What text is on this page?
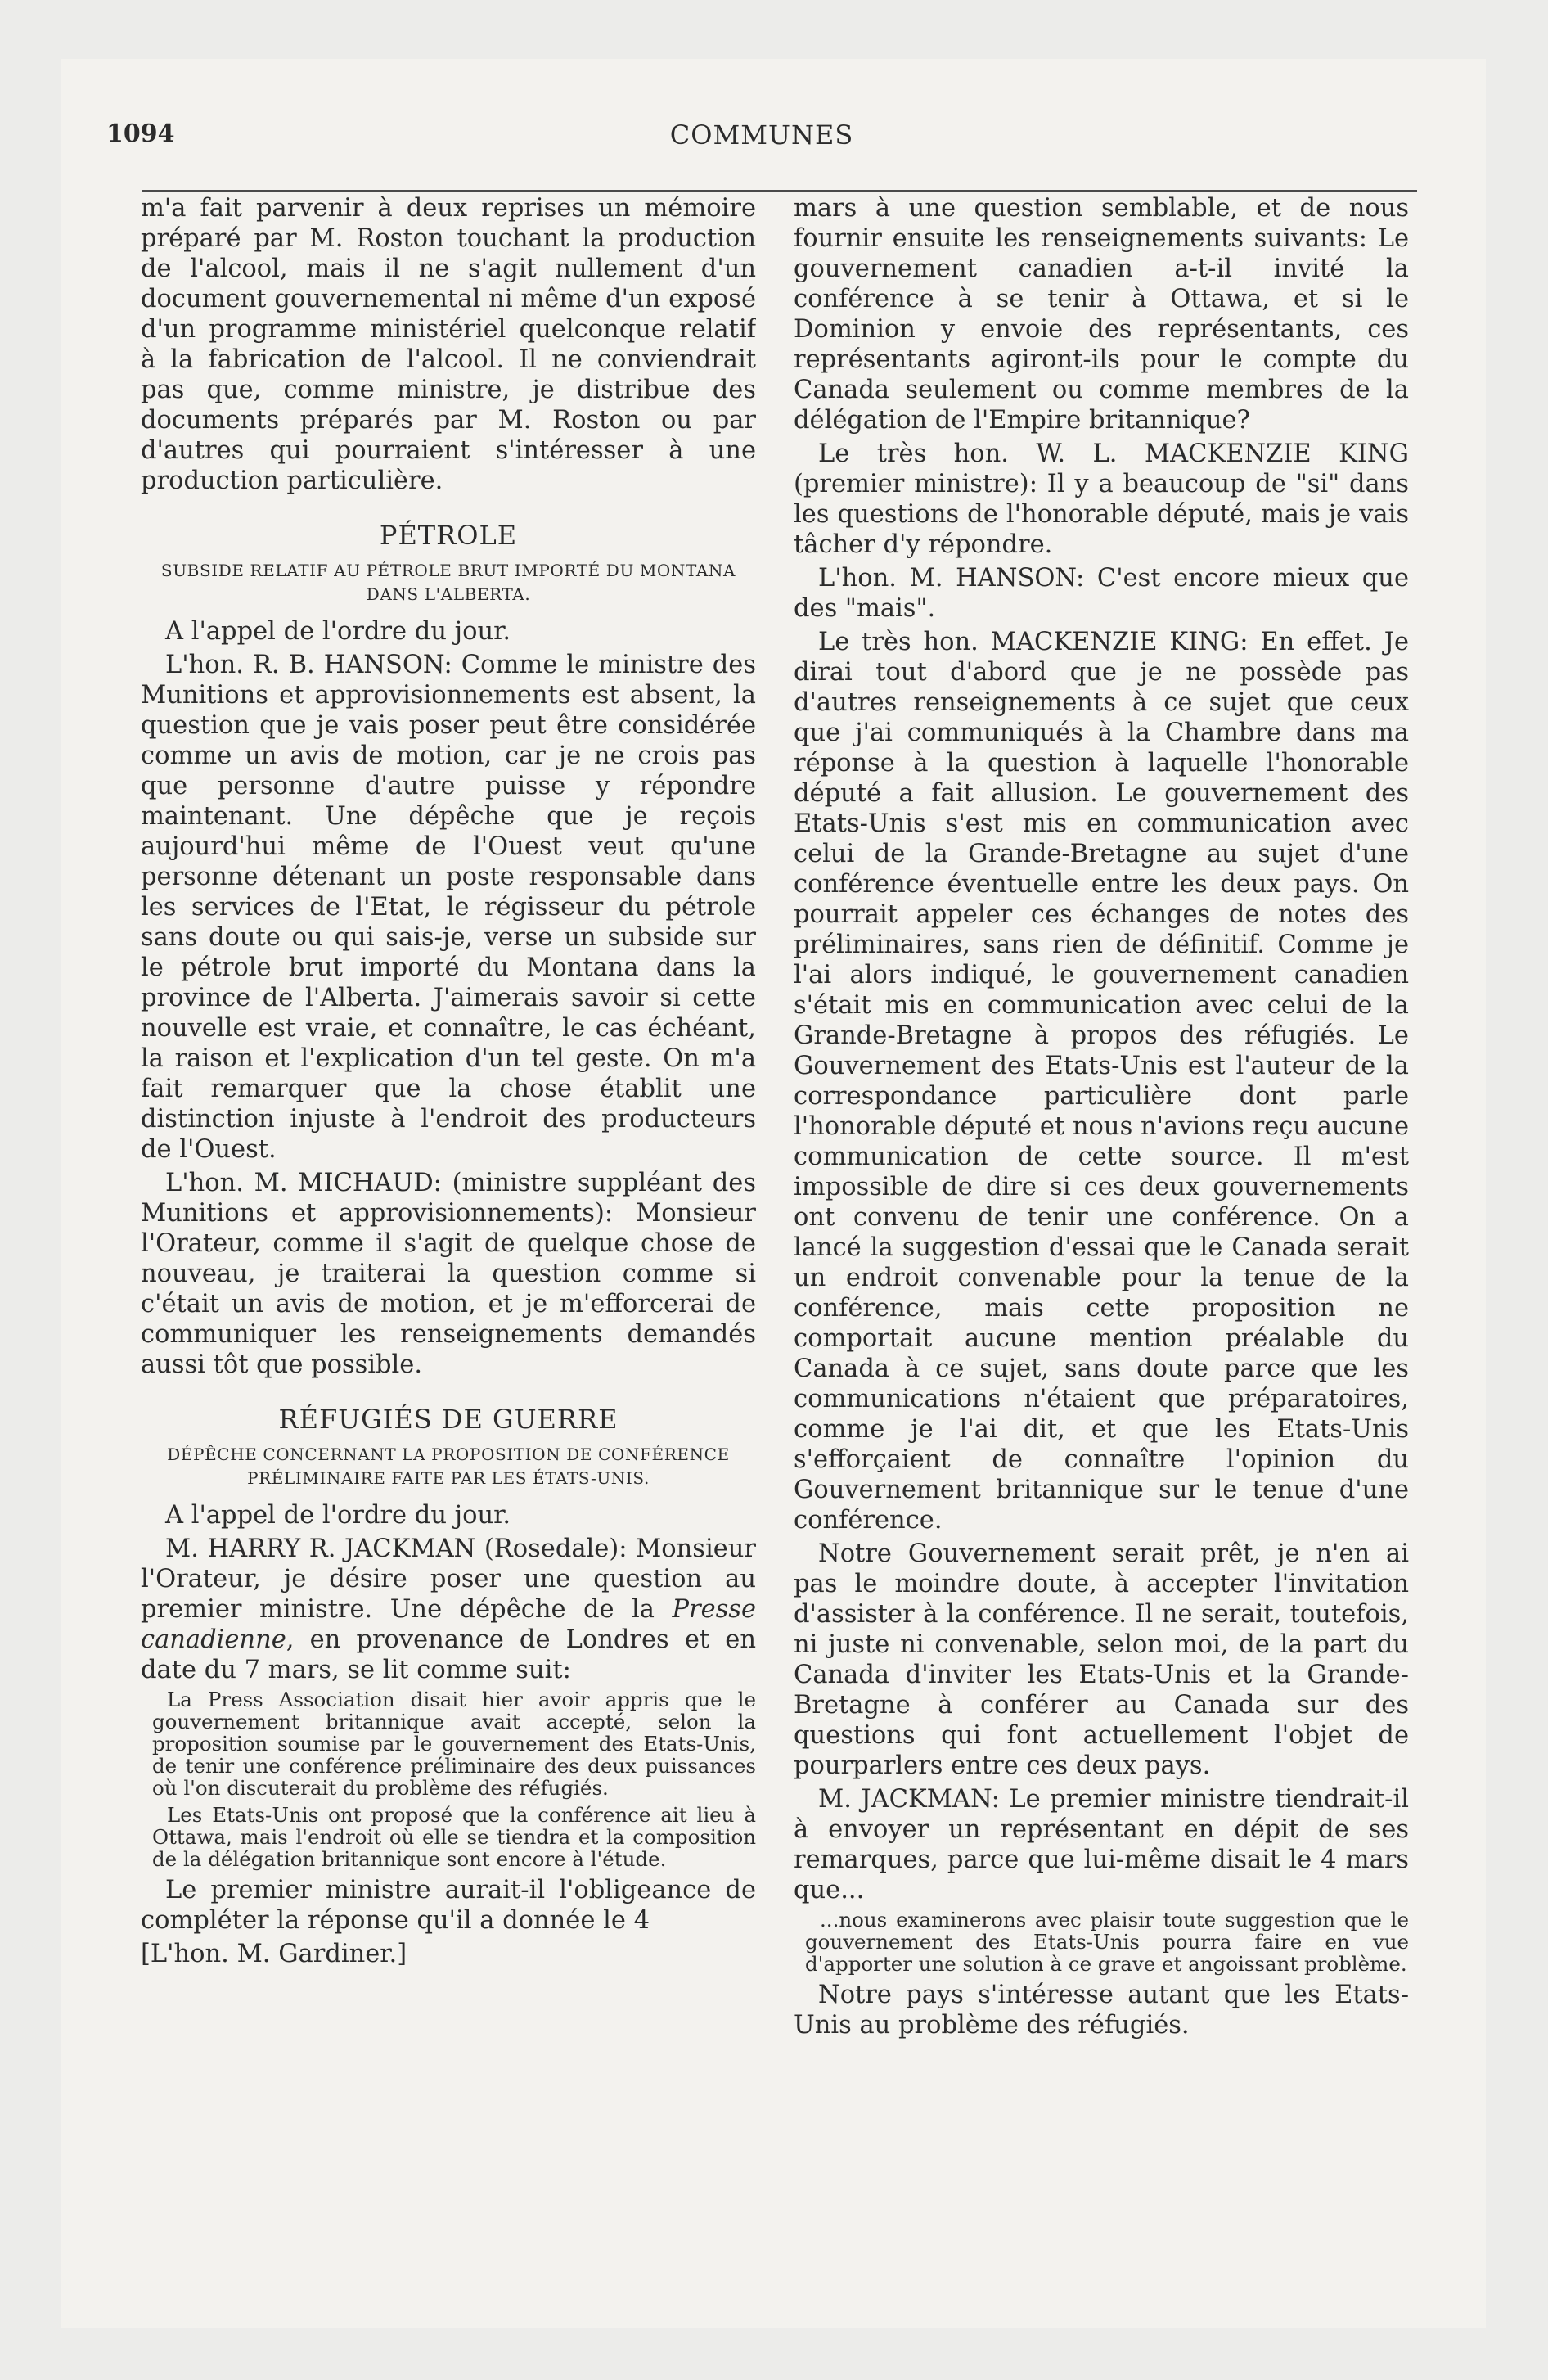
1094	COMMUNES

m'a fait parvenir à deux reprises un mémoire préparé par M. Roston touchant la production de l'alcool, mais il ne s'agit nullement d'un document gouvernemental ni même d'un exposé d'un programme ministériel quelconque relatif à la fabrication de l'alcool. Il ne conviendrait pas que, comme ministre, je distribue des documents préparés par M. Roston ou par d'autres qui pourraient s'intéresser à une production particulière.

PÉTROLE
SUBSIDE RELATIF AU PÉTROLE BRUT IMPORTÉ DU MONTANA DANS L'ALBERTA.

A l'appel de l'ordre du jour.

L'hon. R. B. HANSON: Comme le ministre des Munitions et approvisionnements est absent, la question que je vais poser peut être considérée comme un avis de motion, car je ne crois pas que personne d'autre puisse y répondre maintenant. Une dépêche que je reçois aujourd'hui même de l'Ouest veut qu'une personne détenant un poste responsable dans les services de l'Etat, le régisseur du pétrole sans doute ou qui sais-je, verse un subside sur le pétrole brut importé du Montana dans la province de l'Alberta. J'aimerais savoir si cette nouvelle est vraie, et connaître, le cas échéant, la raison et l'explication d'un tel geste. On m'a fait remarquer que la chose établit une distinction injuste à l'endroit des producteurs de l'Ouest.

L'hon. M. MICHAUD: (ministre suppléant des Munitions et approvisionnements): Monsieur l'Orateur, comme il s'agit de quelque chose de nouveau, je traiterai la question comme si c'était un avis de motion, et je m'efforcerai de communiquer les renseignements demandés aussi tôt que possible.

RÉFUGIÉS DE GUERRE
DÉPÊCHE CONCERNANT LA PROPOSITION DE CONFÉRENCE PRÉLIMINAIRE FAITE PAR LES ÉTATS-UNIS.

A l'appel de l'ordre du jour.

M. HARRY R. JACKMAN (Rosedale): Monsieur l'Orateur, je désire poser une question au premier ministre. Une dépêche de la Presse canadienne, en provenance de Londres et en date du 7 mars, se lit comme suit:

La Press Association disait hier avoir appris que le gouvernement britannique avait accepté, selon la proposition soumise par le gouvernement des Etats-Unis, de tenir une conférence préliminaire des deux puissances où l'on discuterait du problème des réfugiés.
Les Etats-Unis ont proposé que la conférence ait lieu à Ottawa, mais l'endroit où elle se tiendra et la composition de la délégation britannique sont encore à l'étude.

Le premier ministre aurait-il l'obligeance de compléter la réponse qu'il a donnée le 4

[L'hon. M. Gardiner.]

mars à une question semblable, et de nous fournir ensuite les renseignements suivants: Le gouvernement canadien a-t-il invité la conférence à se tenir à Ottawa, et si le Dominion y envoie des représentants, ces représentants agiront-ils pour le compte du Canada seulement ou comme membres de la délégation de l'Empire britannique?

Le très hon. W. L. MACKENZIE KING (premier ministre): Il y a beaucoup de "si" dans les questions de l'honorable député, mais je vais tâcher d'y répondre.

L'hon. M. HANSON: C'est encore mieux que des "mais".

Le très hon. MACKENZIE KING: En effet. Je dirai tout d'abord que je ne possède pas d'autres renseignements à ce sujet que ceux que j'ai communiqués à la Chambre dans ma réponse à la question à laquelle l'honorable député a fait allusion. Le gouvernement des Etats-Unis s'est mis en communication avec celui de la Grande-Bretagne au sujet d'une conférence éventuelle entre les deux pays. On pourrait appeler ces échanges de notes des préliminaires, sans rien de définitif. Comme je l'ai alors indiqué, le gouvernement canadien s'était mis en communication avec celui de la Grande-Bretagne à propos des réfugiés. Le Gouvernement des Etats-Unis est l'auteur de la correspondance particulière dont parle l'honorable député et nous n'avions reçu aucune communication de cette source. Il m'est impossible de dire si ces deux gouvernements ont convenu de tenir une conférence. On a lancé la suggestion d'essai que le Canada serait un endroit convenable pour la tenue de la conférence, mais cette proposition ne comportait aucune mention préalable du Canada à ce sujet, sans doute parce que les communications n'étaient que préparatoires, comme je l'ai dit, et que les Etats-Unis s'efforçaient de connaître l'opinion du Gouvernement britannique sur le tenue d'une conférence.

Notre Gouvernement serait prêt, je n'en ai pas le moindre doute, à accepter l'invitation d'assister à la conférence. Il ne serait, toutefois, ni juste ni convenable, selon moi, de la part du Canada d'inviter les Etats-Unis et la Grande-Bretagne à conférer au Canada sur des questions qui font actuellement l'objet de pourparlers entre ces deux pays.

M. JACKMAN: Le premier ministre tiendrait-il à envoyer un représentant en dépit de ses remarques, parce que lui-même disait le 4 mars que...

...nous examinerons avec plaisir toute suggestion que le gouvernement des Etats-Unis pourra faire en vue d'apporter une solution à ce grave et angoissant problème.

Notre pays s'intéresse autant que les Etats-Unis au problème des réfugiés.
